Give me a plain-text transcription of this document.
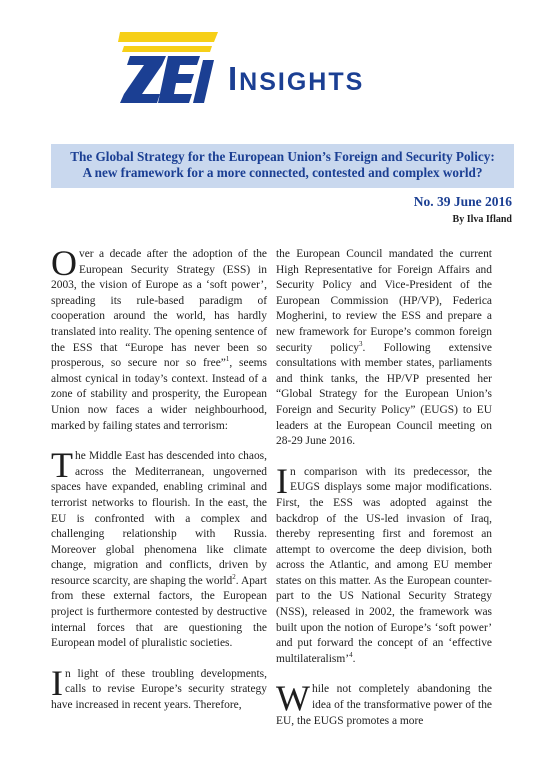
INSIGHTS
The Global Strategy for the European Union’s Foreign and Security Policy:
A new framework for a more connected, contested and complex world?
No. 39 June 2016
By Ilva Ifland

Over a decade after the adoption of the European Security Strategy (ESS) in 2003, the vision of Europe as a ‘soft power’, spreading its rule-based paradigm of cooperation around the world, has hardly translated into reality. The opening sentence of the ESS that “Europe has never been so prosperous, so secure nor so free”$^1$, seems almost cynical in today’s context. Instead of a zone of stability and prosperity, the European Union now faces a wider neighbourhood, marked by failing states and terrorism:

The Middle East has descended into chaos, across the Mediterranean, ungoverned spaces have expanded, enabling criminal and terrorist networks to flourish. In the east, the EU is confronted with a complex and challenging relationship with Russia. Moreover global phenomena like climate change, migration and conflicts, driven by resource scarcity, are shaping the world$^2$. Apart from these external factors, the European project is furthermore contested by destructive internal forces that are questioning the European model of pluralistic societies.

In light of these troubling developments, calls to revise Europe’s security strategy have increased in recent years. Therefore,

the European Council mandated the current High Representative for Foreign Affairs and Security Policy and Vice-President of the European Commission (HP/VP), Federica Mogherini, to review the ESS and prepare a new framework for Europe’s common foreign security policy$^3$. Following extensive consultations with member states, parliaments and think tanks, the HP/VP presented her “Global Strategy for the European Union’s Foreign and Security Policy” (EUGS) to EU leaders at the European Council meeting on 28-29 June 2016.

In comparison with its predecessor, the EUGS displays some major modifications. First, the ESS was adopted against the backdrop of the US-led invasion of Iraq, thereby representing first and foremost an attempt to overcome the deep division, both across the Atlantic, and among EU member states on this matter. As the European counter-part to the US National Security Strategy (NSS), released in 2002, the framework was built upon the notion of Europe’s ‘soft power’ and put forward the concept of an ‘effective multilateralism’$^4$.

While not completely abandoning the idea of the transformative power of the EU, the EUGS promotes a more
